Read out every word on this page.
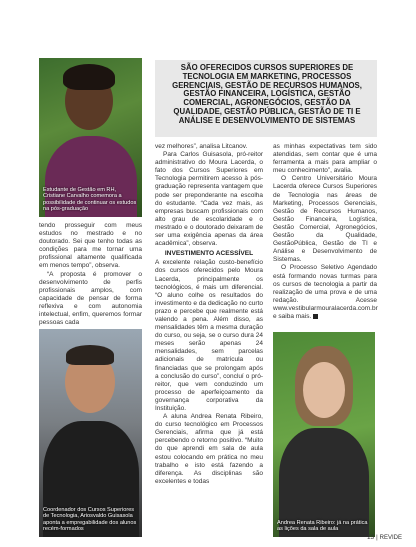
Estudante de Gestão em RH, Cristiane Carvalho comemora a possibilidade de continuar os estudos na pós-graduação
SÃO OFERECIDOS CURSOS SUPERIORES DE TECNOLOGIA EM MARKETING, PROCESSOS GERENCIAIS, GESTÃO DE RECURSOS HUMANOS, GESTÃO FINANCEIRA, LOGÍSTICA, GESTÃO COMERCIAL, AGRONEGÓCIOS, GESTÃO DA QUALIDADE, GESTÃO PÚBLICA, GESTÃO DE TI E ANÁLISE E DESENVOLVIMENTO DE SISTEMAS

tendo prosseguir com meus estudos no mestrado e no doutorado. Sei que tenho todas as condições para me tornar uma profissional altamente qualificada em menos tempo”, observa.

“A proposta é promover o desenvolvimento de perfis profissionais amplos, com capacidade de pensar de forma reflexiva e com autonomia intelectual, enfim, queremos formar pessoas cada

Coordenador dos Cursos Superiores de Tecnologia, Ariosvaldo Guisasola aponta a empregabilidade dos alunos recém-formados

vez melhores”, analisa Litcanov.

Para Carlos Guisasola, pró-reitor administrativo do Moura Lacerda, o fato dos Cursos Superiores em Tecnologia permitirem acesso à pós-graduação representa vantagem que pode ser preponderante na escolha do estudante. “Cada vez mais, as empresas buscam profissionais com alto grau de escolaridade e o mestrado e o doutorado deixaram de ser uma exigência apenas da área acadêmica”, observa.

INVESTIMENTO ACESSÍVEL

A excelente relação custo-benefício dos cursos oferecidos pelo Moura Lacerda, principalmente os tecnológicos, é mais um diferencial. “O aluno colhe os resultados do investimento e da dedicação no curto prazo e percebe que realmente está valendo a pena. Além disso, as mensalidades têm a mesma duração do curso, ou seja, se o curso dura 24 meses serão apenas 24 mensalidades, sem parcelas adicionais de matrícula ou financiadas que se prolongam após a conclusão do curso”, concluí o pró-reitor, que vem conduzindo um processo de aperfeiçoamento da governança corporativa da Instituição.

A aluna Andrea Renata Ribeiro, do curso tecnológico em Processos Gerenciais, afirma que já está percebendo o retorno positivo. “Muito do que aprendi em sala de aula estou colocando em prática no meu trabalho e isto está fazendo a diferença. As disciplinas são excelentes e todas

as minhas expectativas tem sido atendidas, sem contar que é uma ferramenta a mais para ampliar o meu conhecimento”, avalia.

O Centro Universitário Moura Lacerda oferece Cursos Superiores de Tecnologia nas áreas de Marketing, Processos Gerenciais, Gestão de Recursos Humanos, Gestão Financeira, Logística, Gestão Comercial, Agronegócios, Gestão da Qualidade, GestãoPública, Gestão de TI e Análise e Desenvolvimento de Sistemas.

O Processo Seletivo Agendado está formando novas turmas para os cursos de tecnologia a partir da realização de uma prova e de uma redação. Acesse www.vestibularmouralacerda.com.br e saiba mais.

Andrea Renata Ribeiro: já na prática as lições da sala de aula
23 | REVIDE
